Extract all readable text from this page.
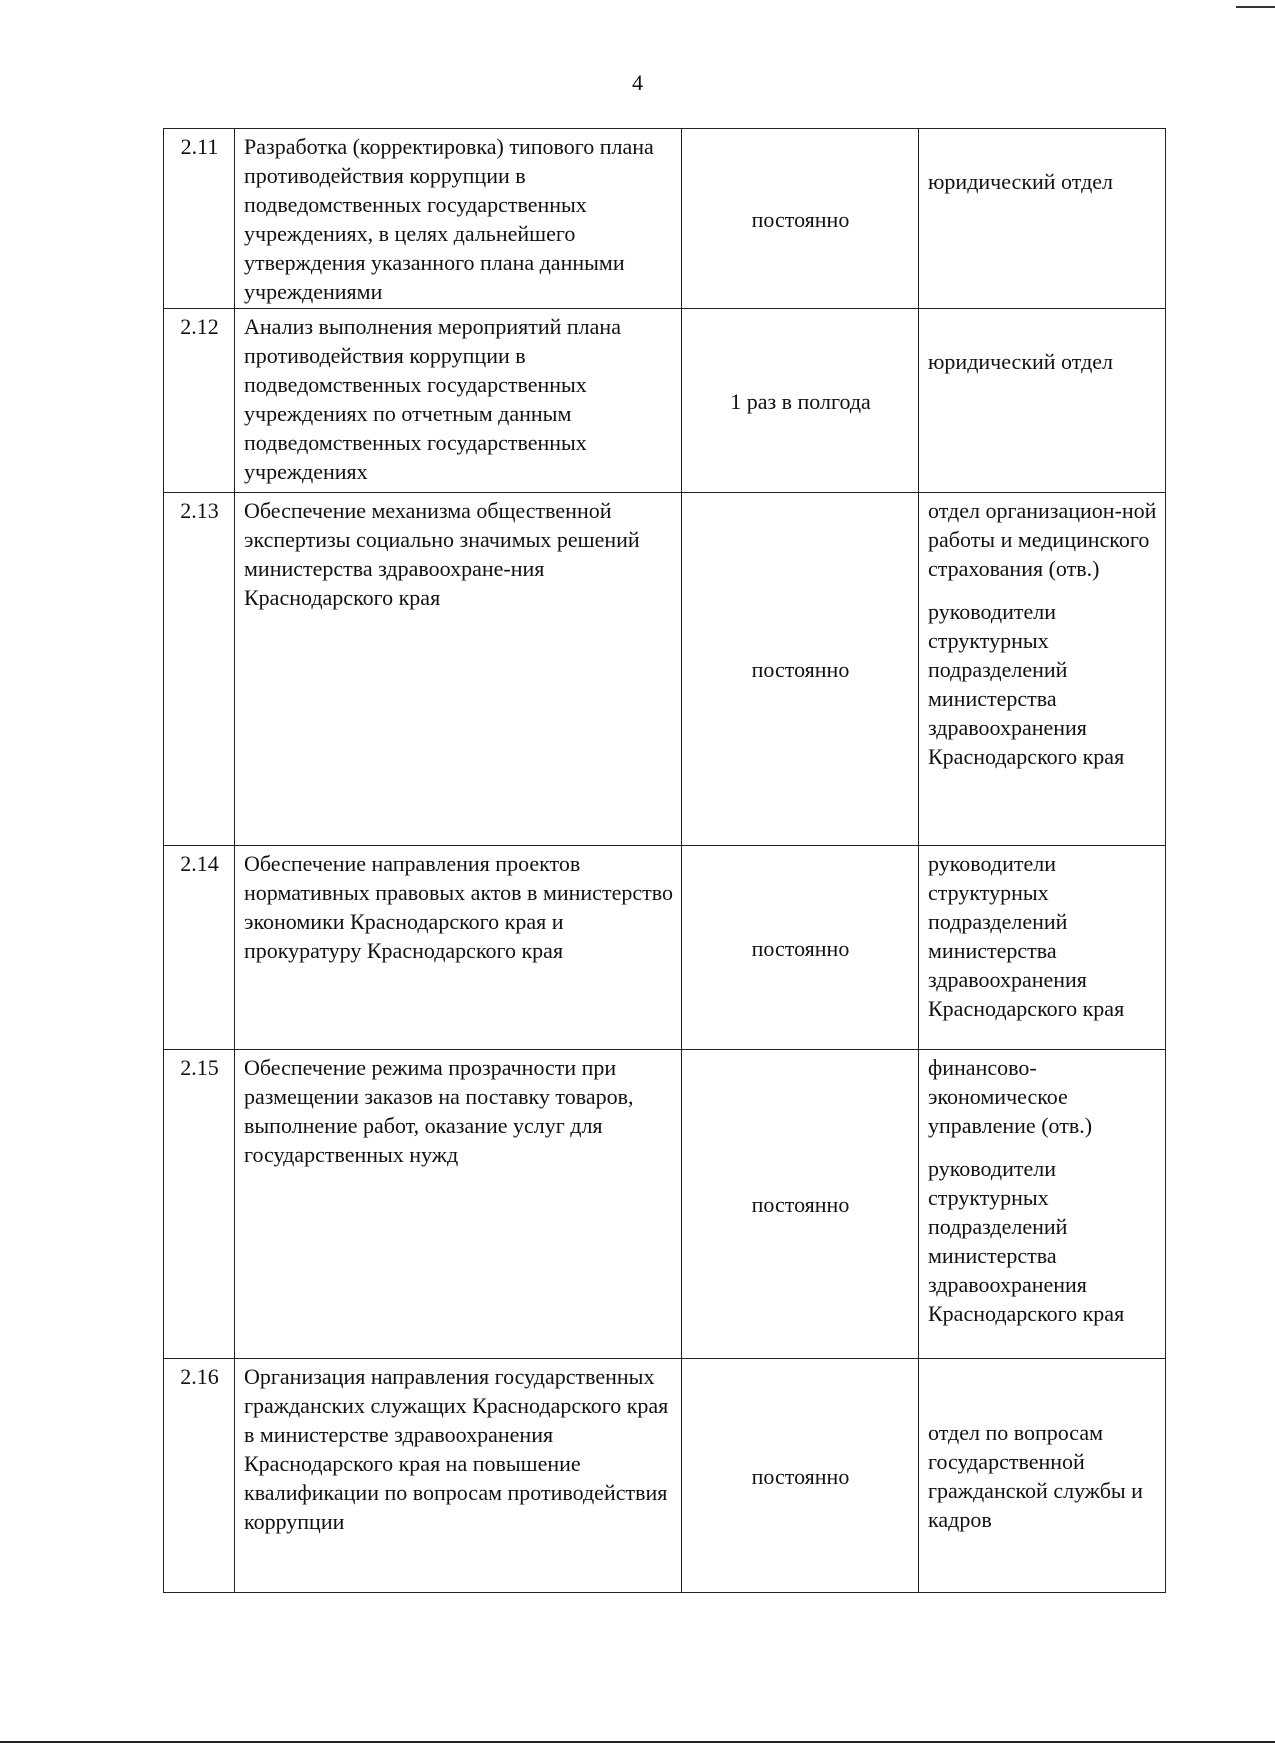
4
2.11	Разработка (корректировка) типового плана противодействия коррупции в подведомственных государственных учреждениях, в целях дальнейшего утверждения указанного плана данными учреждениями	постоянно	юридический отдел

2.12	Анализ выполнения мероприятий плана противодействия коррупции в подведомственных государственных учреждениях по отчетным данным подведомственных государственных учреждениях	1 раз в полгода	юридический отдел

2.13	Обеспечение механизма общественной экспертизы социально значимых решений министерства здравоохране-ния Краснодарского края	постоянно	отдел организацион-ной работы и медицинского страхования (отв.)
руководители структурных подразделений министерства здравоохранения Краснодарского края

2.14	Обеспечение направления проектов нормативных правовых актов в министерство экономики Краснодарского края и прокуратуру Краснодарского края	постоянно	руководители структурных подразделений министерства здравоохранения Краснодарского края

2.15	Обеспечение режима прозрачности при размещении заказов на поставку товаров, выполнение работ, оказание услуг для государственных нужд	постоянно	финансово-экономическое управление (отв.)
руководители структурных подразделений министерства здравоохранения Краснодарского края

2.16	Организация направления государственных гражданских служащих Краснодарского края в министерстве здравоохранения Краснодарского края на повышение квалификации по вопросам противодействия коррупции	постоянно	отдел по вопросам государственной гражданской службы и кадров
